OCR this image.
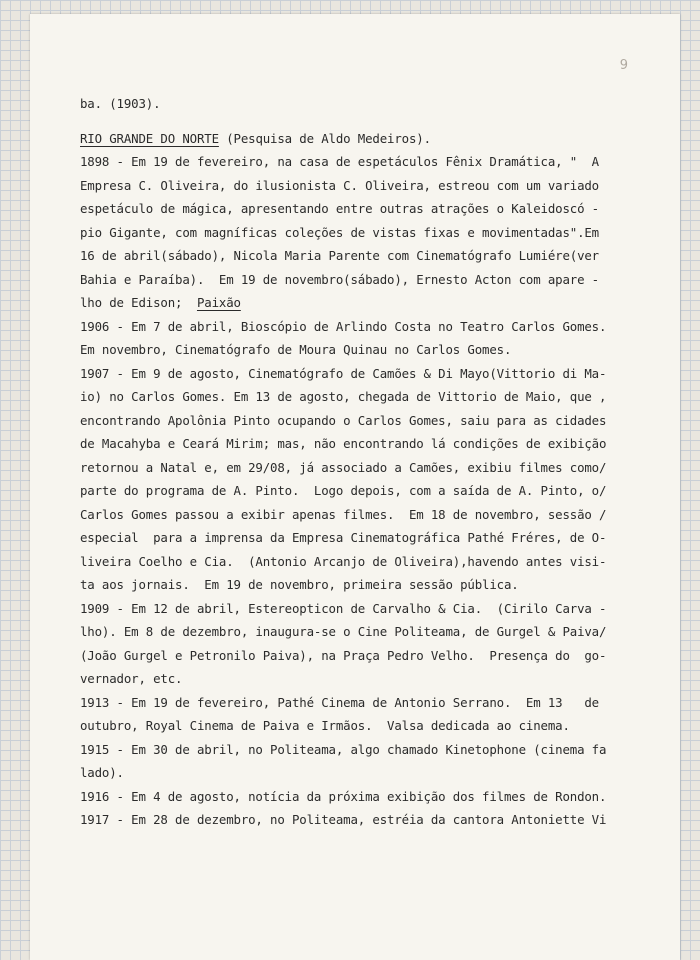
9
ba. (1903).
RIO GRANDE DO NORTE (Pesquisa de Aldo Medeiros).
1898 - Em 19 de fevereiro, na casa de espetáculos Fênix Dramática, "  A
Empresa C. Oliveira, do ilusionista C. Oliveira, estreou com um variado
espetáculo de mágica, apresentando entre outras atrações o Kaleidoscó -
pio Gigante, com magníficas coleções de vistas fixas e movimentadas".Em
16 de abril(sábado), Nicola Maria Parente com Cinematógrafo Lumiére(ver
Bahia e Paraíba).  Em 19 de novembro(sábado), Ernesto Acton com apare -
lho de Edison; Paixão
1906 - Em 7 de abril, Bioscópio de Arlindo Costa no Teatro Carlos Gomes.
Em novembro, Cinematógrafo de Moura Quinau no Carlos Gomes.
1907 - Em 9 de agosto, Cinematógrafo de Camões & Di Mayo(Vittorio di Ma-
io) no Carlos Gomes. Em 13 de agosto, chegada de Vittorio de Maio, que ,
encontrando Apolônia Pinto ocupando o Carlos Gomes, saiu para as cidades
de Macahyba e Ceará Mirim; mas, não encontrando lá condições de exibição
retornou a Natal e, em 29/08, já associado a Camões, exibiu filmes como/
parte do programa de A. Pinto.  Logo depois, com a saída de A. Pinto, o/
Carlos Gomes passou a exibir apenas filmes.  Em 18 de novembro, sessão /
especial  para a imprensa da Empresa Cinematográfica Pathé Fréres, de O-
liveira Coelho e Cia.  (Antonio Arcanjo de Oliveira),havendo antes visi-
ta aos jornais.  Em 19 de novembro, primeira sessão pública.
1909 - Em 12 de abril, Estereopticon de Carvalho & Cia.  (Cirilo Carva -
lho). Em 8 de dezembro, inaugura-se o Cine Politeama, de Gurgel & Paiva/
(João Gurgel e Petronilo Paiva), na Praça Pedro Velho.  Presença do  go-
vernador, etc.
1913 - Em 19 de fevereiro, Pathé Cinema de Antonio Serrano.  Em 13   de
outubro, Royal Cinema de Paiva e Irmãos.  Valsa dedicada ao cinema.
1915 - Em 30 de abril, no Politeama, algo chamado Kinetophone (cinema fa
lado).
1916 - Em 4 de agosto, notícia da próxima exibição dos filmes de Rondon.
1917 - Em 28 de dezembro, no Politeama, estréia da cantora Antoniette Vi
